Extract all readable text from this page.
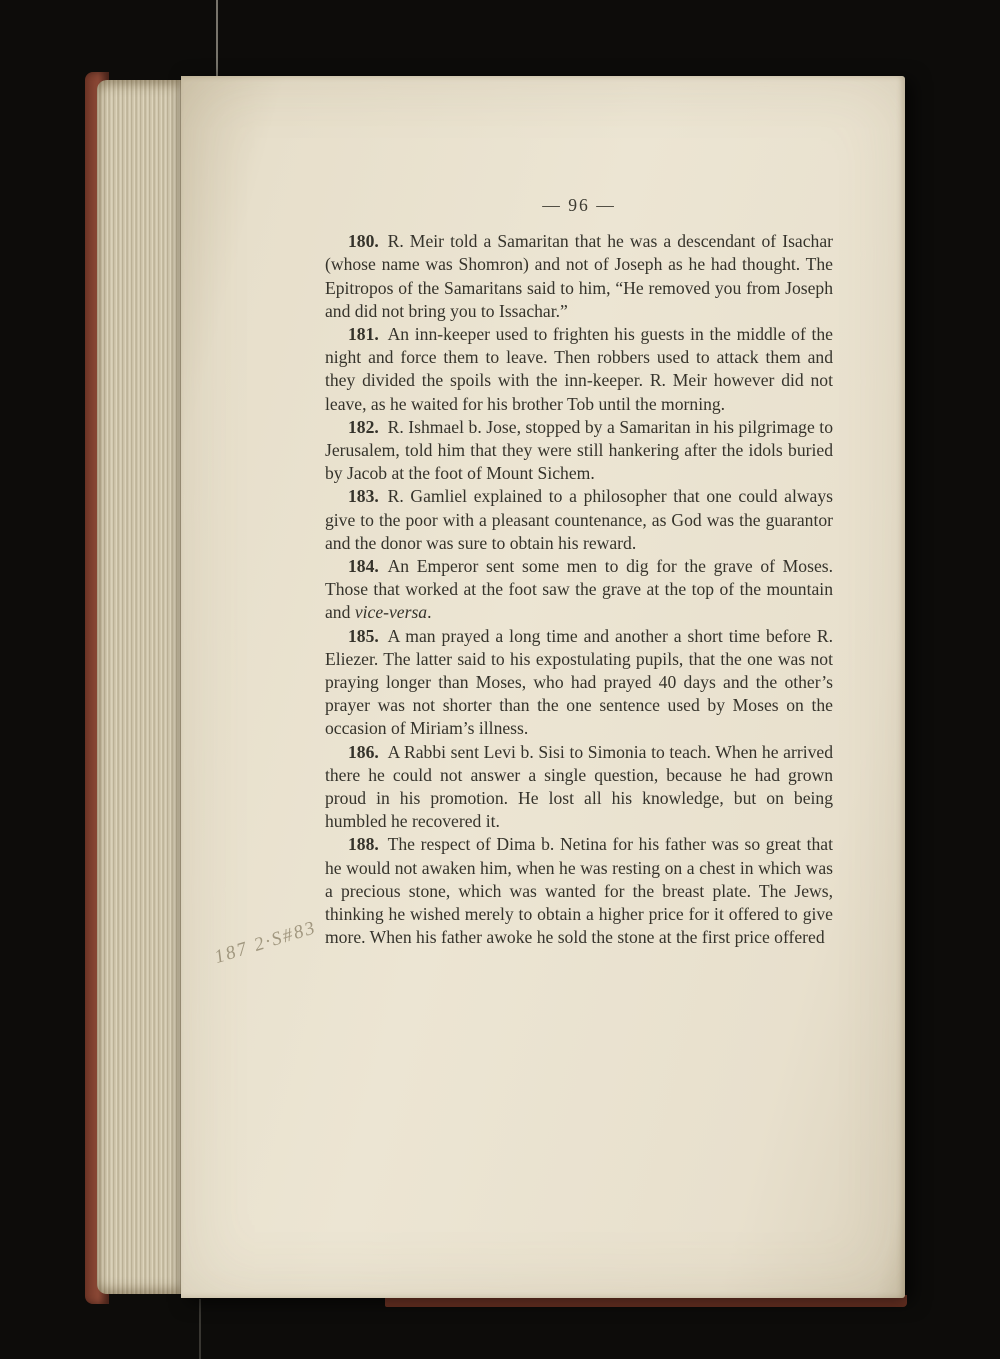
— 96 —
180. R. Meir told a Samaritan that he was a descendant of Isachar (whose name was Shomron) and not of Joseph as he had thought. The Epitropos of the Samaritans said to him, “He removed you from Joseph and did not bring you to Issachar.”
181. An inn-keeper used to frighten his guests in the middle of the night and force them to leave. Then robbers used to attack them and they divided the spoils with the inn-keeper. R. Meir however did not leave, as he waited for his brother Tob until the morning.
182. R. Ishmael b. Jose, stopped by a Samaritan in his pilgrimage to Jerusalem, told him that they were still hankering after the idols buried by Jacob at the foot of Mount Sichem.
183. R. Gamliel explained to a philosopher that one could always give to the poor with a pleasant countenance, as God was the guarantor and the donor was sure to obtain his reward.
184. An Emperor sent some men to dig for the grave of Moses. Those that worked at the foot saw the grave at the top of the mountain and vice-versa.
185. A man prayed a long time and another a short time before R. Eliezer. The latter said to his expostulating pupils, that the one was not praying longer than Moses, who had prayed 40 days and the other’s prayer was not shorter than the one sentence used by Moses on the occasion of Miriam’s illness.
186. A Rabbi sent Levi b. Sisi to Simonia to teach. When he arrived there he could not answer a single question, because he had grown proud in his promotion. He lost all his knowledge, but on being humbled he recovered it.
188. The respect of Dima b. Netina for his father was so great that he would not awaken him, when he was resting on a chest in which was a precious stone, which was wanted for the breast plate. The Jews, thinking he wished merely to obtain a higher price for it offered to give more. When his father awoke he sold the stone at the first price offered
187 2·S#83
